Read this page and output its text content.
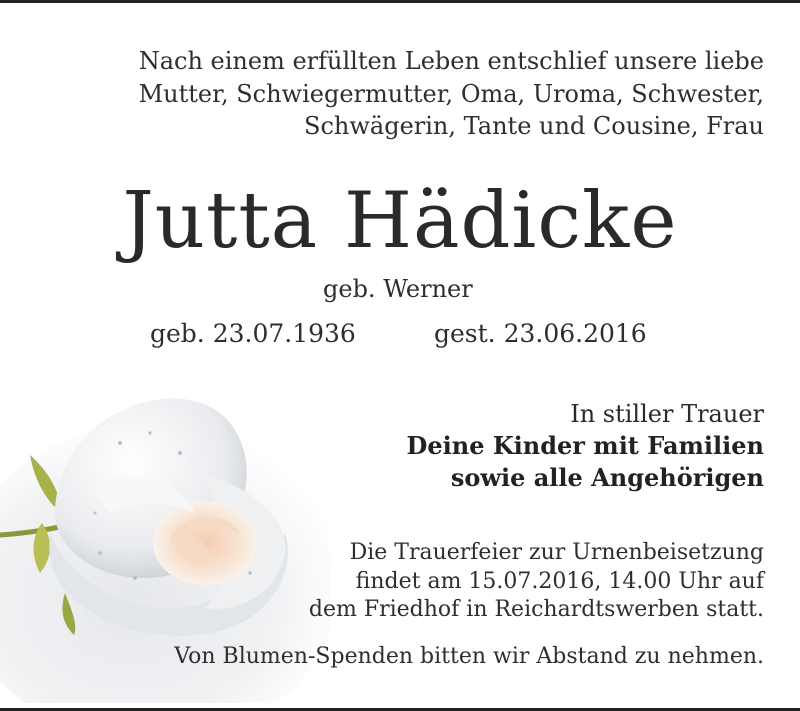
Nach einem erfüllten Leben entschlief unsere liebe
Mutter, Schwiegermutter, Oma, Uroma, Schwester,
Schwägerin, Tante und Cousine, Frau
Jutta Hädicke
geb. Werner
geb. 23.07.1936	gest. 23.06.2016
In stiller Trauer
Deine Kinder mit Familien
sowie alle Angehörigen
Die Trauerfeier zur Urnenbeisetzung
findet am 15.07.2016, 14.00 Uhr auf
dem Friedhof in Reichardtswerben statt.
Von Blumen-Spenden bitten wir Abstand zu nehmen.
